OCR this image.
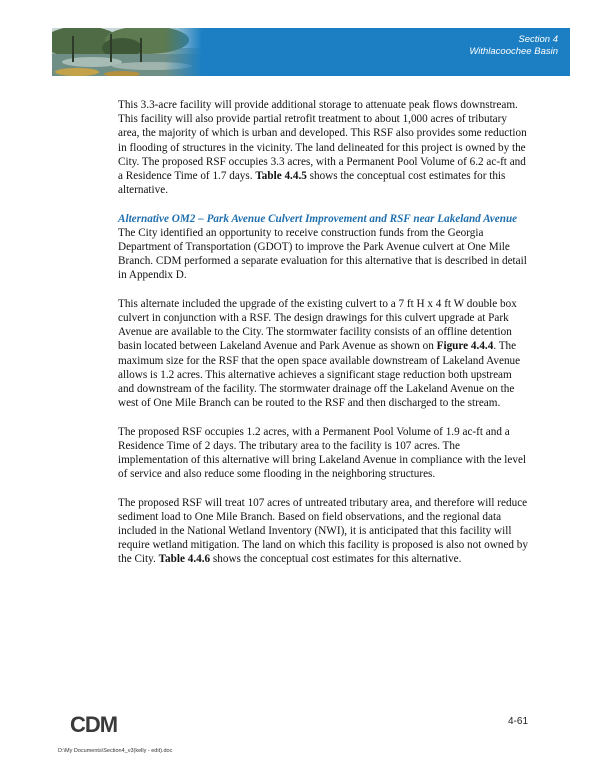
Section 4
Withlacoochee Basin

This 3.3-acre facility will provide additional storage to attenuate peak flows downstream. This facility will also provide partial retrofit treatment to about 1,000 acres of tributary area, the majority of which is urban and developed. This RSF also provides some reduction in flooding of structures in the vicinity. The land delineated for this project is owned by the City. The proposed RSF occupies 3.3 acres, with a Permanent Pool Volume of 6.2 ac-ft and a Residence Time of 1.7 days. Table 4.4.5 shows the conceptual cost estimates for this alternative.

Alternative OM2 – Park Avenue Culvert Improvement and RSF near Lakeland Avenue

The City identified an opportunity to receive construction funds from the Georgia Department of Transportation (GDOT) to improve the Park Avenue culvert at One Mile Branch. CDM performed a separate evaluation for this alternative that is described in detail in Appendix D.

This alternate included the upgrade of the existing culvert to a 7 ft H x 4 ft W double box culvert in conjunction with a RSF. The design drawings for this culvert upgrade at Park Avenue are available to the City. The stormwater facility consists of an offline detention basin located between Lakeland Avenue and Park Avenue as shown on Figure 4.4.4. The maximum size for the RSF that the open space available downstream of Lakeland Avenue allows is 1.2 acres. This alternative achieves a significant stage reduction both upstream and downstream of the facility. The stormwater drainage off the Lakeland Avenue on the west of One Mile Branch can be routed to the RSF and then discharged to the stream.

The proposed RSF occupies 1.2 acres, with a Permanent Pool Volume of 1.9 ac-ft and a Residence Time of 2 days. The tributary area to the facility is 107 acres. The implementation of this alternative will bring Lakeland Avenue in compliance with the level of service and also reduce some flooding in the neighboring structures.

The proposed RSF will treat 107 acres of untreated tributary area, and therefore will reduce sediment load to One Mile Branch. Based on field observations, and the regional data included in the National Wetland Inventory (NWI), it is anticipated that this facility will require wetland mitigation. The land on which this facility is proposed is also not owned by the City. Table 4.4.6 shows the conceptual cost estimates for this alternative.

CDM	4-61
D:\My Documents\Section4_v3(kelly - edit).doc
